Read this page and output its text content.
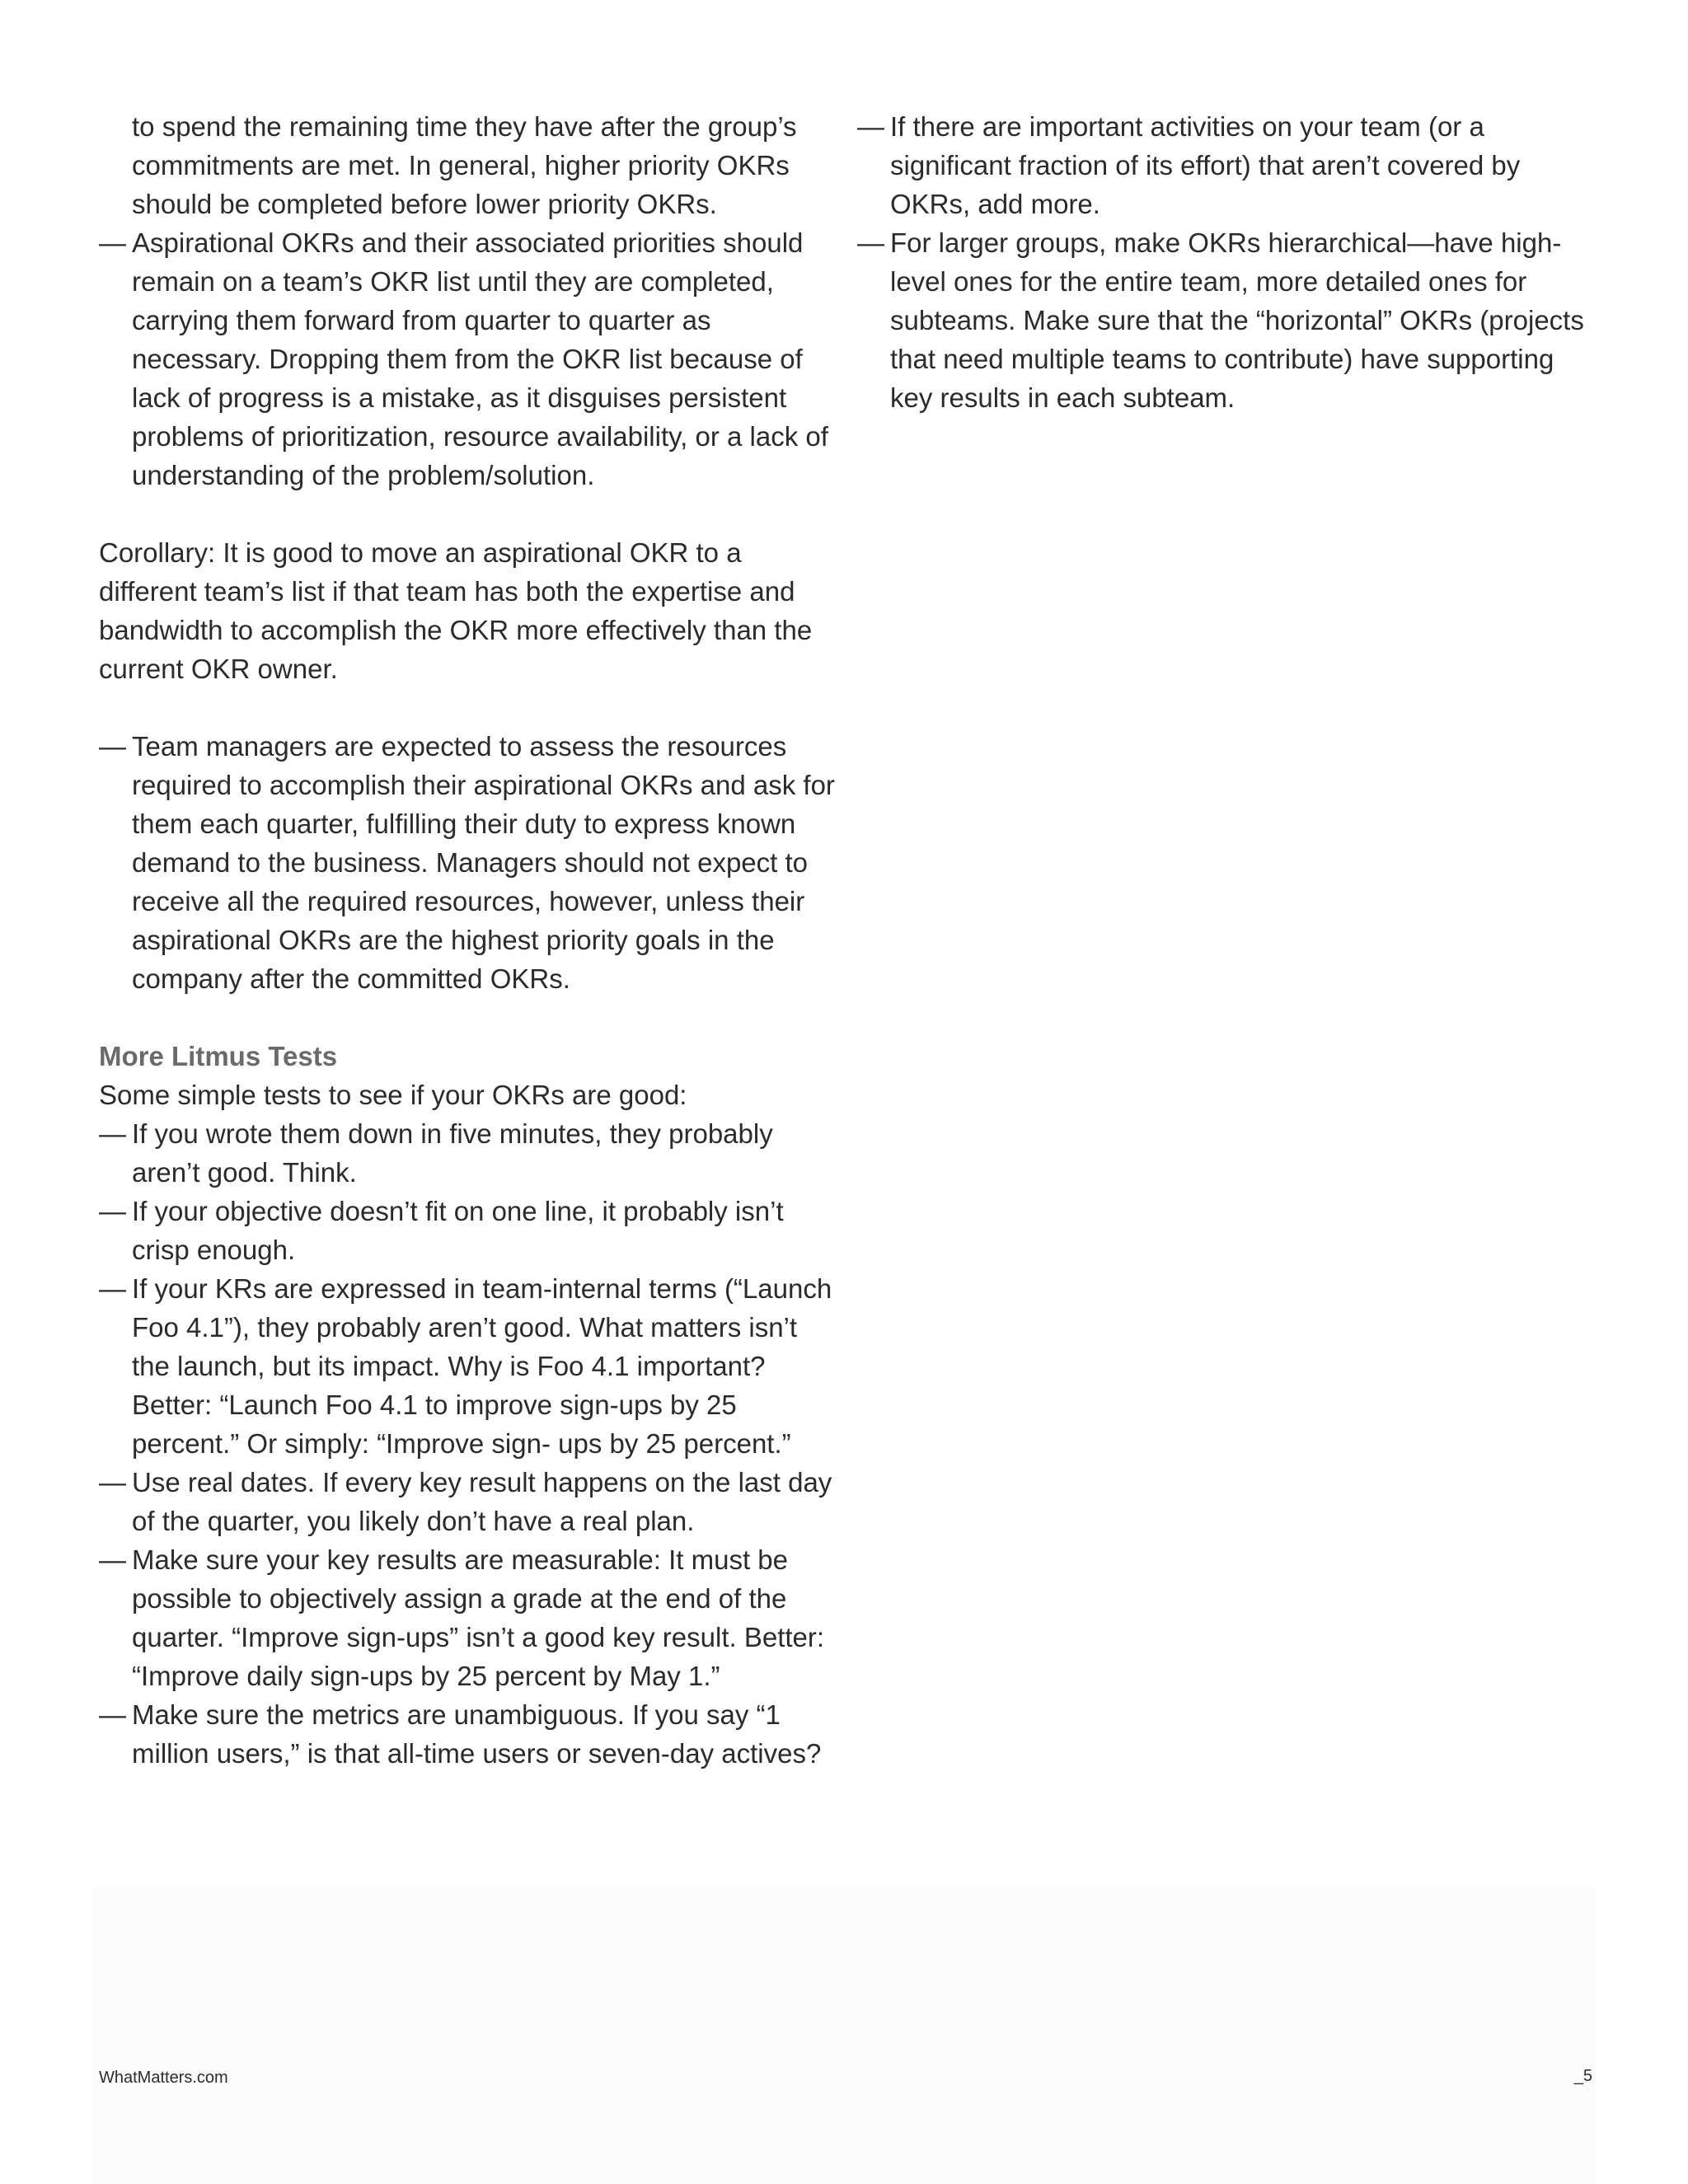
to spend the remaining time they have after the group’s commitments are met. In general, higher priority OKRs should be completed before lower priority OKRs.

— Aspirational OKRs and their associated priorities should remain on a team’s OKR list until they are completed, carrying them forward from quarter to quarter as necessary. Dropping them from the OKR list because of lack of progress is a mistake, as it disguises persistent problems of prioritization, resource availability, or a lack of understanding of the problem/solution.

Corollary: It is good to move an aspirational OKR to a different team’s list if that team has both the expertise and bandwidth to accomplish the OKR more effectively than the current OKR owner.

— Team managers are expected to assess the resources required to accomplish their aspirational OKRs and ask for them each quarter, fulfilling their duty to express known demand to the business. Managers should not expect to receive all the required resources, however, unless their aspirational OKRs are the highest priority goals in the company after the committed OKRs.

More Litmus Tests

Some simple tests to see if your OKRs are good:

— If you wrote them down in five minutes, they probably aren’t good. Think.

— If your objective doesn’t fit on one line, it probably isn’t crisp enough.

— If your KRs are expressed in team-internal terms (“Launch Foo 4.1”), they probably aren’t good. What matters isn’t the launch, but its impact. Why is Foo 4.1 important? Better: “Launch Foo 4.1 to improve sign-ups by 25 percent.” Or simply: “Improve sign- ups by 25 percent.”

— Use real dates. If every key result happens on the last day of the quarter, you likely don’t have a real plan.

— Make sure your key results are measurable: It must be possible to objectively assign a grade at the end of the quarter. “Improve sign-ups” isn’t a good key result. Better: “Improve daily sign-ups by 25 percent by May 1.”

— Make sure the metrics are unambiguous. If you say “1 million users,” is that all-time users or seven-day actives?

— If there are important activities on your team (or a significant fraction of its effort) that aren’t covered by OKRs, add more.

— For larger groups, make OKRs hierarchical—have high-level ones for the entire team, more detailed ones for subteams. Make sure that the “horizontal” OKRs (projects that need multiple teams to contribute) have supporting key results in each subteam.

WhatMatters.com	_5
